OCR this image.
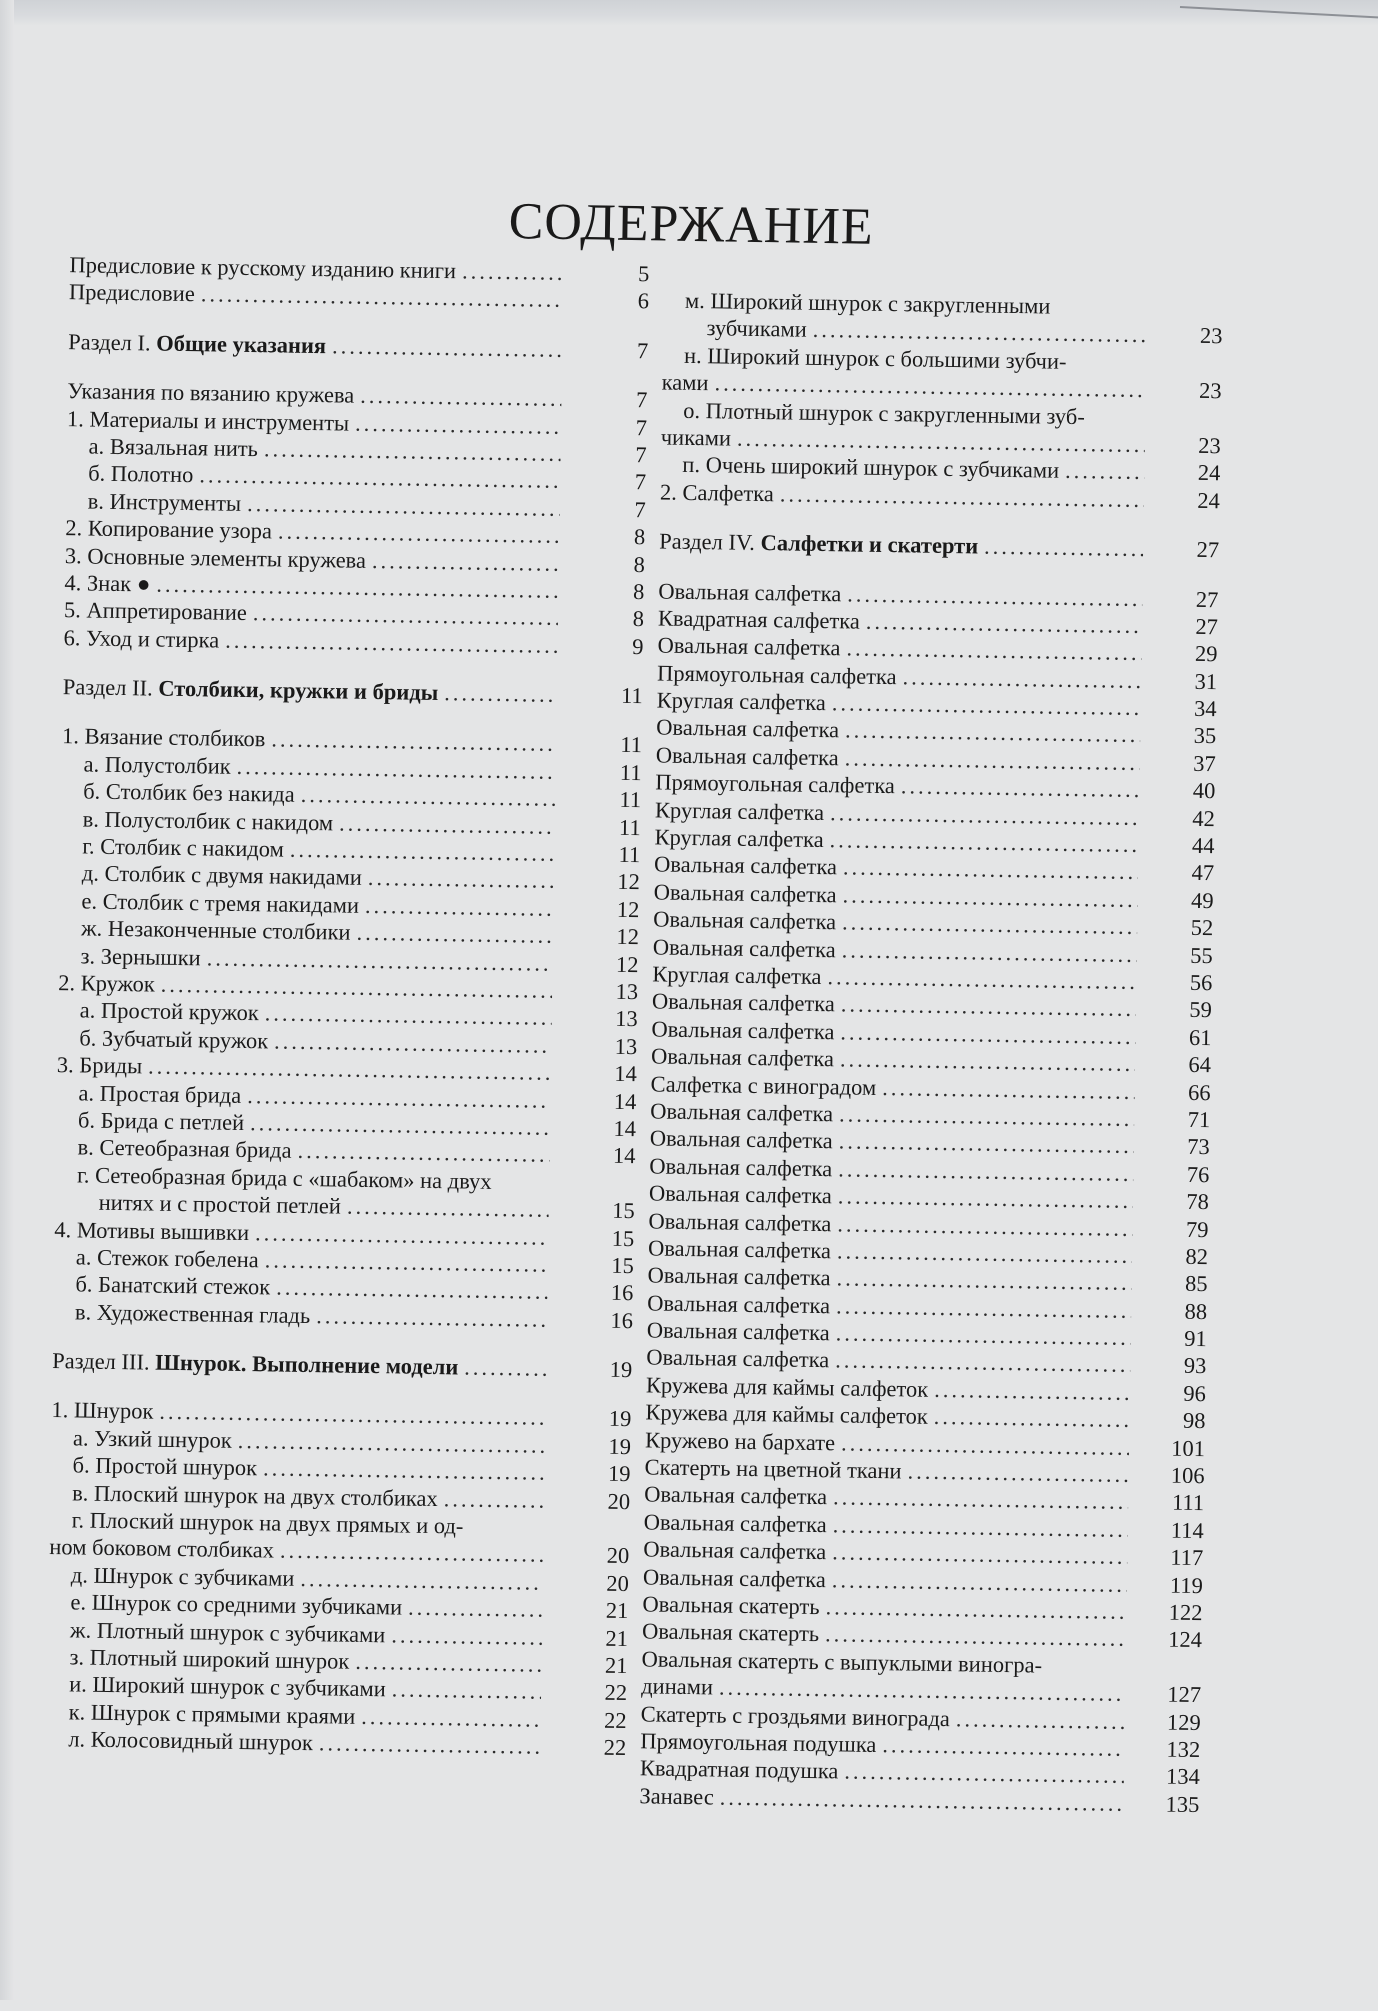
СОДЕРЖАНИЕ
Предисловие к русскому изданию книги .....	5
Предисловие .....	6
Раздел I. Общие указания .....	7
Указания по вязанию кружева .....	7
1. Материалы и инструменты .....	7
а. Вязальная нить .....	7
б. Полотно .....	7
в. Инструменты .....	7
2. Копирование узора .....	8
3. Основные элементы кружева .....	8
4. Знак ● .....	8
5. Аппретирование .....	8
6. Уход и стирка .....	9
Раздел II. Столбики, кружки и бриды .....	11
1. Вязание столбиков .....	11
а. Полустолбик .....	11
б. Столбик без накида .....	11
в. Полустолбик с накидом .....	11
г. Столбик с накидом .....	11
д. Столбик с двумя накидами .....	12
е. Столбик с тремя накидами .....	12
ж. Незаконченные столбики .....	12
з. Зернышки .....	12
2. Кружок .....	13
а. Простой кружок .....	13
б. Зубчатый кружок .....	13
3. Бриды .....	14
а. Простая брида .....	14
б. Брида с петлей .....	14
в. Сетеобразная брида .....	14
г. Сетеобразная брида с «шабаком» на двух
нитях и с простой петлей .....	15
4. Мотивы вышивки .....	15
а. Стежок гобелена .....	15
б. Банатский стежок .....	16
в. Художественная гладь .....	16
Раздел III. Шнурок. Выполнение модели .....	19
1. Шнурок .....	19
а. Узкий шнурок .....	19
б. Простой шнурок .....	19
в. Плоский шнурок на двух столбиках .....	20
г. Плоский шнурок на двух прямых и од-
ном боковом столбиках .....	20
д. Шнурок с зубчиками .....	20
е. Шнурок со средними зубчиками .....	21
ж. Плотный шнурок с зубчиками .....	21
з. Плотный широкий шнурок .....	21
и. Широкий шнурок с зубчиками .....	22
к. Шнурок с прямыми краями .....	22
л. Колосовидный шнурок .....	22
м. Широкий шнурок с закругленными
зубчиками .....	23
н. Широкий шнурок с большими зубчи-
ками .....	23
о. Плотный шнурок с закругленными зуб-
чиками .....	23
п. Очень широкий шнурок с зубчиками .....	24
2. Салфетка .....	24
Раздел IV. Салфетки и скатерти .....	27
Овальная салфетка .....	27
Квадратная салфетка .....	27
Овальная салфетка .....	29
Прямоугольная салфетка .....	31
Круглая салфетка .....	34
Овальная салфетка .....	35
Овальная салфетка .....	37
Прямоугольная салфетка .....	40
Круглая салфетка .....	42
Круглая салфетка .....	44
Овальная салфетка .....	47
Овальная салфетка .....	49
Овальная салфетка .....	52
Овальная салфетка .....	55
Круглая салфетка .....	56
Овальная салфетка .....	59
Овальная салфетка .....	61
Овальная салфетка .....	64
Салфетка с виноградом .....	66
Овальная салфетка .....	71
Овальная салфетка .....	73
Овальная салфетка .....	76
Овальная салфетка .....	78
Овальная салфетка .....	79
Овальная салфетка .....	82
Овальная салфетка .....	85
Овальная салфетка .....	88
Овальная салфетка .....	91
Овальная салфетка .....	93
Кружева для каймы салфеток .....	96
Кружева для каймы салфеток .....	98
Кружево на бархате .....	101
Скатерть на цветной ткани .....	106
Овальная салфетка .....	111
Овальная салфетка .....	114
Овальная салфетка .....	117
Овальная салфетка .....	119
Овальная скатерть .....	122
Овальная скатерть .....	124
Овальная скатерть с выпуклыми виногра-
динами .....	127
Скатерть с гроздьями винограда .....	129
Прямоугольная подушка .....	132
Квадратная подушка .....	134
Занавес .....	135
